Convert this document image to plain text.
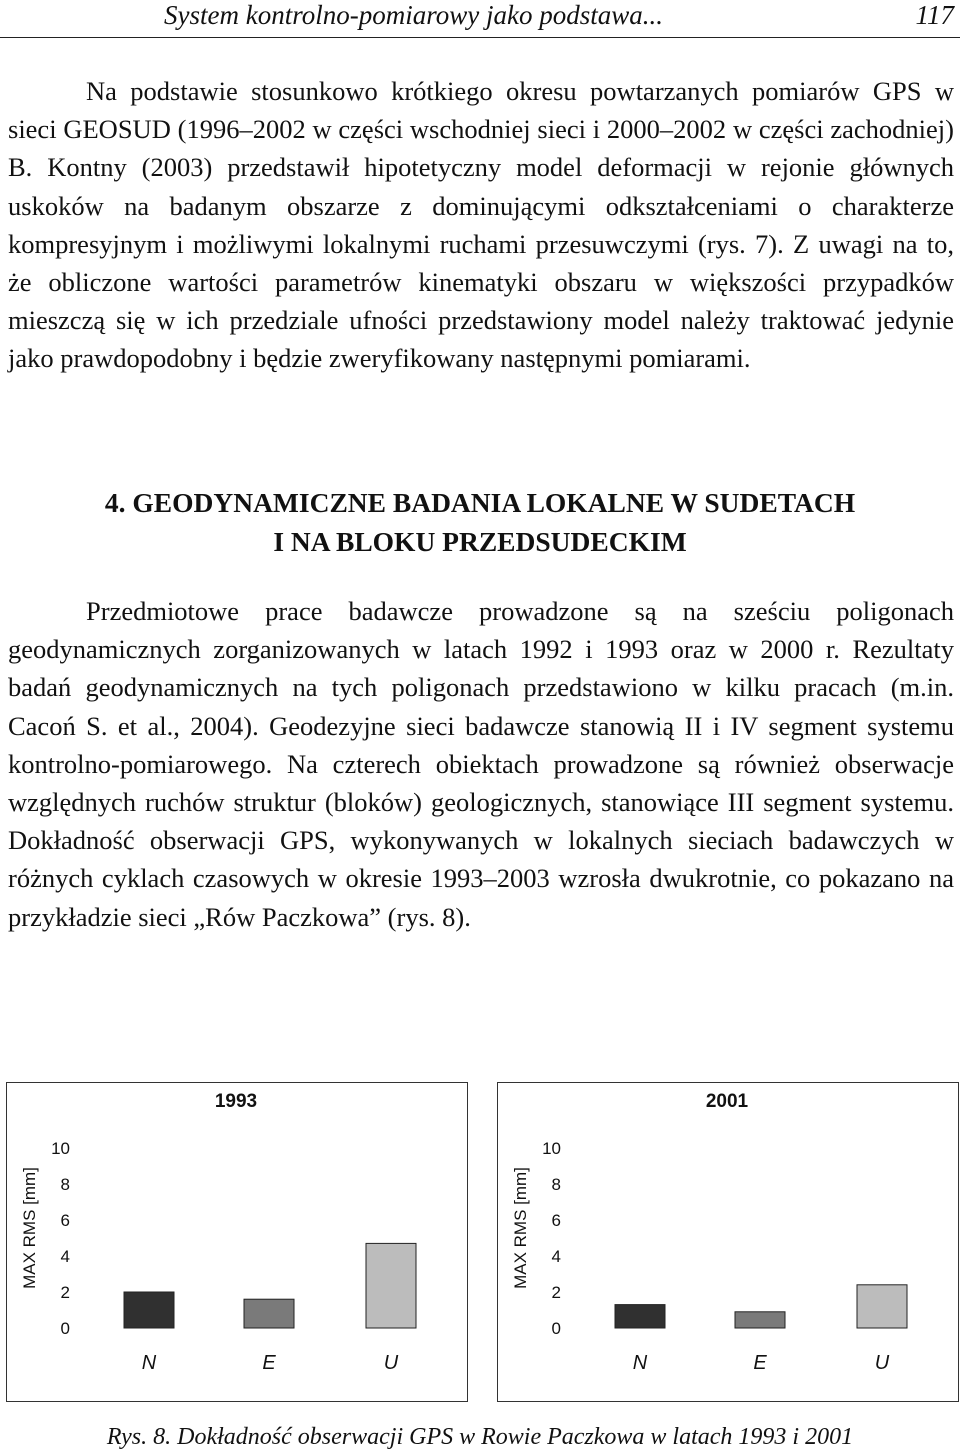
System kontrolno-pomiarowy jako podstawa...	117

Na podstawie stosunkowo krótkiego okresu powtarzanych pomiarów GPS w sieci GEOSUD (1996–2002 w części wschodniej sieci i 2000–2002 w części zachodniej) B. Kontny (2003) przedstawił hipotetyczny model deformacji w rejonie głównych uskoków na badanym obszarze z dominującymi odkształceniami o charakterze kompresyjnym i możliwymi lokalnymi ruchami przesuwczymi (rys. 7). Z uwagi na to, że obliczone wartości parametrów kinematyki obszaru w większości przypadków mieszczą się w ich przedziale ufności przedstawiony model należy traktować jedynie jako prawdopodobny i będzie zweryfikowany następnymi pomiarami.

4. GEODYNAMICZNE BADANIA LOKALNE W SUDETACH
I NA BLOKU PRZEDSUDECKIM

Przedmiotowe prace badawcze prowadzone są na sześciu poligonach geodynamicznych zorganizowanych w latach 1992 i 1993 oraz w 2000 r. Rezultaty badań geodynamicznych na tych poligonach przedstawiono w kilku pracach (m.in. Cacoń S. et al., 2004). Geodezyjne sieci badawcze stanowią II i IV segment systemu kontrolno-pomiarowego. Na czterech obiektach prowadzone są również obserwacje względnych ruchów struktur (bloków) geologicznych, stanowiące III segment systemu. Dokładność obserwacji GPS, wykonywanych w lokalnych sieciach badawczych w różnych cyklach czasowych w okresie 1993–2003 wzrosła dwukrotnie, co pokazano na przykładzie sieci „Rów Paczkowa” (rys. 8).

1993
MAX RMS [mm]
0
2
4
6
8
10
N	E	U
2001
MAX RMS [mm]
0
2
4
6
8
10
N	E	U
Rys. 8. Dokładność obserwacji GPS w Rowie Paczkowa w latach 1993 i 2001
